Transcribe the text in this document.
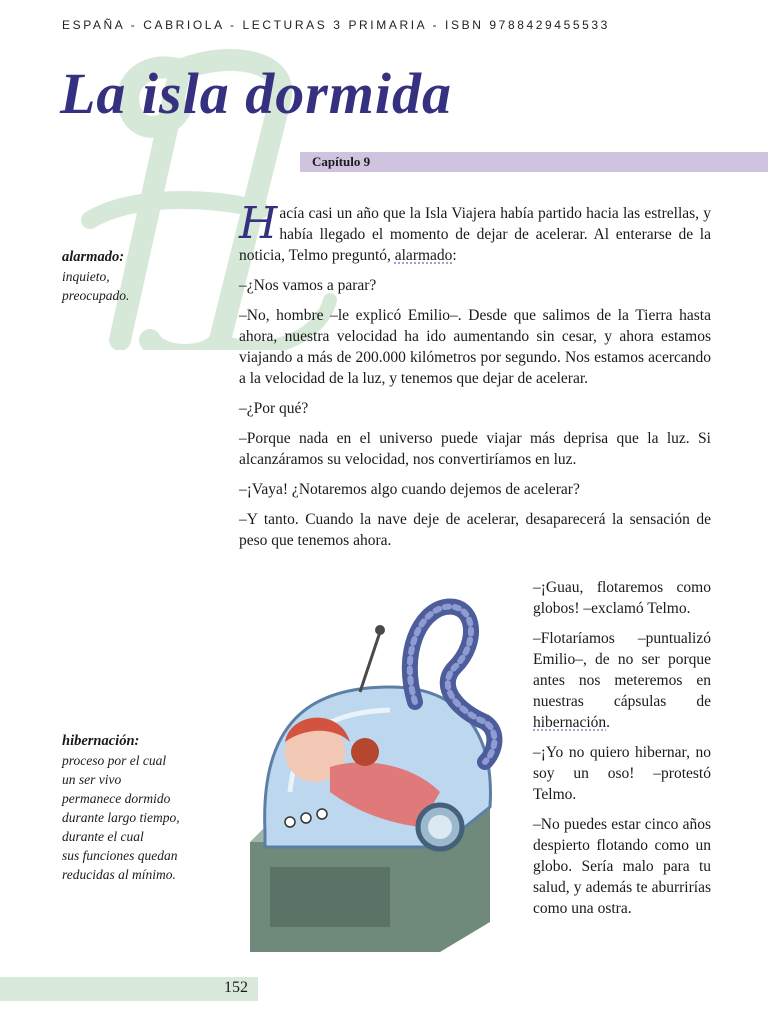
ESPAÑA - CABRIOLA - LECTURAS 3 PRIMARIA - ISBN 9788429455533
La isla dormida
Capítulo 9
alarmado:
inquieto,
preocupado.
hibernación:
proceso por el cual
un ser vivo
permanece dormido
durante largo tiempo,
durante el cual
sus funciones quedan
reducidas al mínimo.

Hacía casi un año que la Isla Viajera había partido hacia las estrellas, y había llegado el momento de dejar de acelerar. Al enterarse de la noticia, Telmo preguntó, alarmado:

–¿Nos vamos a parar?

–No, hombre –le explicó Emilio–. Desde que salimos de la Tierra hasta ahora, nuestra velocidad ha ido aumentando sin cesar, y ahora estamos viajando a más de 200.000 kilómetros por segundo. Nos estamos acercando a la velocidad de la luz, y tenemos que dejar de acelerar.

–¿Por qué?

–Porque nada en el universo puede viajar más deprisa que la luz. Si alcanzáramos su velocidad, nos convertiríamos en luz.

–¡Vaya! ¿Notaremos algo cuando dejemos de acelerar?

–Y tanto. Cuando la nave deje de acelerar, desaparecerá la sensación de peso que tenemos ahora.

–¡Guau, flotaremos como globos! –exclamó Telmo.

–Flotaríamos –puntualizó Emilio–, de no ser porque antes nos meteremos en nuestras cápsulas de hibernación.

–¡Yo no quiero hibernar, no soy un oso! –protestó Telmo.

–No puedes estar cinco años despierto flotando como un globo. Sería malo para tu salud, y además te aburrirías como una ostra.

152
